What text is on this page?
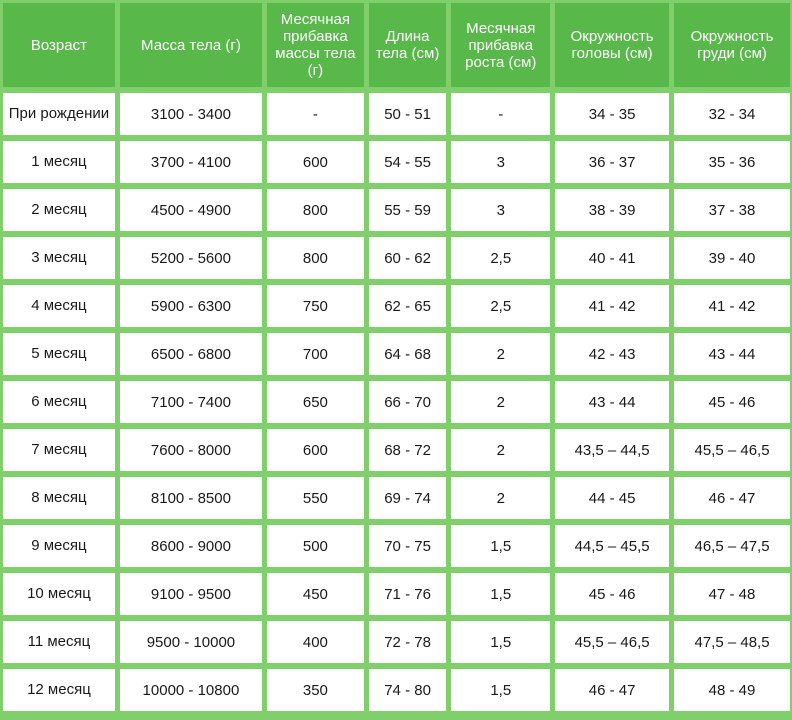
Возраст	Масса тела (г)	Месячная прибавка массы тела (г)	Длина тела (см)	Месячная прибавка роста (см)	Окружность головы (см)	Окружность груди (см)
При рождении	3100 - 3400	-	50 - 51	-	34 - 35	32 - 34
1 месяц	3700 - 4100	600	54 - 55	3	36 - 37	35 - 36
2 месяц	4500 - 4900	800	55 - 59	3	38 - 39	37 - 38
3 месяц	5200 - 5600	800	60 - 62	2,5	40 - 41	39 - 40
4 месяц	5900 - 6300	750	62 - 65	2,5	41 - 42	41 - 42
5 месяц	6500 - 6800	700	64 - 68	2	42 - 43	43 - 44
6 месяц	7100 - 7400	650	66 - 70	2	43 - 44	45 - 46
7 месяц	7600 - 8000	600	68 - 72	2	43,5 – 44,5	45,5 – 46,5
8 месяц	8100 - 8500	550	69 - 74	2	44 - 45	46 - 47
9 месяц	8600 - 9000	500	70 - 75	1,5	44,5 – 45,5	46,5 – 47,5
10 месяц	9100 - 9500	450	71 - 76	1,5	45 - 46	47 - 48
11 месяц	9500 - 10000	400	72 - 78	1,5	45,5 – 46,5	47,5 – 48,5
12 месяц	10000 - 10800	350	74 - 80	1,5	46 - 47	48 - 49
